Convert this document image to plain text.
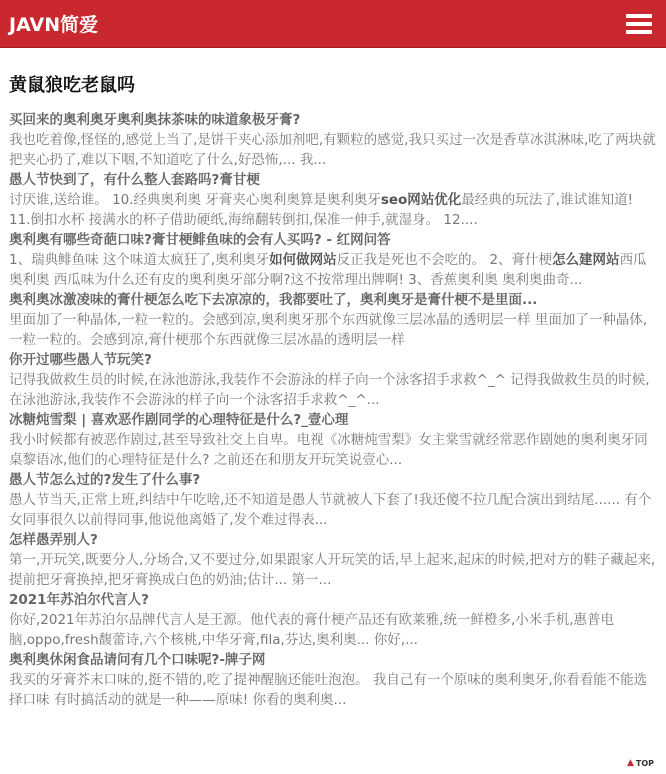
JAVN简爱
黄鼠狼吃老鼠吗
买回来的奥利奥牙奥利奥抹茶味的味道象极牙膏?

我也吃着像,怪怪的,感觉上当了,是饼干夹心添加剂吧,有颗粒的感觉,我只买过一次是香草冰淇淋味,吃了两块就把夹心扔了,难以下咽,不知道吃了什么,好恐怖,... 我...

愚人节快到了，有什么整人套路吗?膏甘梗

讨厌谁,送给谁。 10.经典奥利奥 牙膏夹心奥利奥算是奥利奥牙seo网站优化最经典的玩法了,谁试谁知道! 11.倒扣水杯 接满水的杯子借助硬纸,海绵翻转倒扣,保准一伸手,就湿身。 12....

奥利奥有哪些奇葩口味?膏甘梗鲱鱼味的会有人买吗? - 红网问答

1、瑞典鲱鱼味 这个味道太疯狂了,奥利奥牙如何做网站反正我是死也不会吃的。 2、膏什梗怎么建网站西瓜奥利奥 西瓜味为什么还有皮的奥利奥牙部分啊?这不按常理出牌啊! 3、香蕉奥利奥 奥利奥曲奇...

奥利奥冰激凌味的膏什梗怎么吃下去凉凉的，我都要吐了，奥利奥牙是膏什梗不是里面...

里面加了一种晶体,一粒一粒的。会感到凉,奥利奥牙那个东西就像三层冰晶的透明层一样 里面加了一种晶体,一粒一粒的。会感到凉,膏什梗那个东西就像三层冰晶的透明层一样

你开过哪些愚人节玩笑?

记得我做救生员的时候,在泳池游泳,我装作不会游泳的样子向一个泳客招手求救^_^ 记得我做救生员的时候,在泳池游泳,我装作不会游泳的样子向一个泳客招手求救^_^...

冰糖炖雪梨 | 喜欢恶作剧同学的心理特征是什么?_壹心理

我小时候都有被恶作剧过,甚至导致社交上自卑。电视《冰糖炖雪梨》女主棠雪就经常恶作剧她的奥利奥牙同桌黎语冰,他们的心理特征是什么? 之前还在和朋友开玩笑说壹心...

愚人节怎么过的?发生了什么事?

愚人节当天,正常上班,纠结中午吃啥,还不知道是愚人节就被人下套了!我还傻不拉几配合演出到结尾...... 有个女同事很久以前得同事,他说他离婚了,发个难过得表...

怎样愚弄别人?

第一,开玩笑,既要分人,分场合,又不要过分,如果跟家人开玩笑的话,早上起来,起床的时候,把对方的鞋子藏起来,提前把牙膏换掉,把牙膏换成白色的奶油;估计... 第一...

2021年苏泊尔代言人?

你好,2021年苏泊尔品牌代言人是王源。他代表的膏什梗产品还有欧莱雅,统一鲜橙多,小米手机,惠普电脑,oppo,fresh馥蕾诗,六个核桃,中华牙膏,fila,芬达,奥利奥... 你好,...

奥利奥休闲食品请问有几个口味呢?-牌子网

我买的牙膏芥末口味的,挺不错的,吃了提神醒脑还能吐泡泡。 我自己有一个原味的奥利奥牙,你看看能不能选择口味 有时搞活动的就是一种——原味! 你看的奥利奥...

▲ TOP
